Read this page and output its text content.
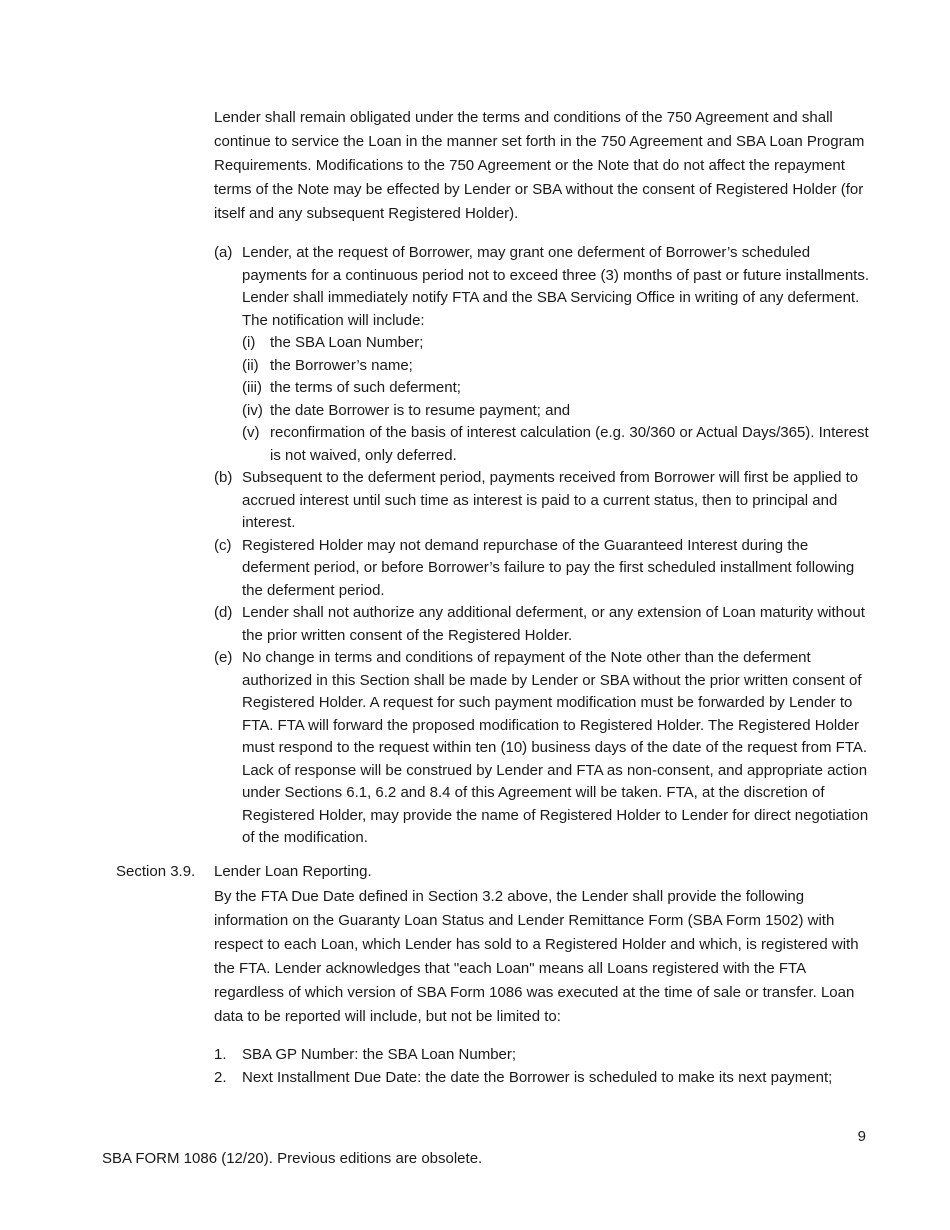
Lender shall remain obligated under the terms and conditions of the 750 Agreement and shall continue to service the Loan in the manner set forth in the 750 Agreement and SBA Loan Program Requirements. Modifications to the 750 Agreement or the Note that do not affect the repayment terms of the Note may be effected by Lender or SBA without the consent of Registered Holder (for itself and any subsequent Registered Holder).

(a) Lender, at the request of Borrower, may grant one deferment of Borrower’s scheduled payments for a continuous period not to exceed three (3) months of past or future installments. Lender shall immediately notify FTA and the SBA Servicing Office in writing of any deferment. The notification will include:
(i) the SBA Loan Number;
(ii) the Borrower’s name;
(iii) the terms of such deferment;
(iv) the date Borrower is to resume payment; and
(v) reconfirmation of the basis of interest calculation (e.g. 30/360 or Actual Days/365). Interest is not waived, only deferred.
(b) Subsequent to the deferment period, payments received from Borrower will first be applied to accrued interest until such time as interest is paid to a current status, then to principal and interest.
(c) Registered Holder may not demand repurchase of the Guaranteed Interest during the deferment period, or before Borrower’s failure to pay the first scheduled installment following the deferment period.
(d) Lender shall not authorize any additional deferment, or any extension of Loan maturity without the prior written consent of the Registered Holder.
(e) No change in terms and conditions of repayment of the Note other than the deferment authorized in this Section shall be made by Lender or SBA without the prior written consent of Registered Holder. A request for such payment modification must be forwarded by Lender to FTA. FTA will forward the proposed modification to Registered Holder. The Registered Holder must respond to the request within ten (10) business days of the date of the request from FTA. Lack of response will be construed by Lender and FTA as non-consent, and appropriate action under Sections 6.1, 6.2 and 8.4 of this Agreement will be taken. FTA, at the discretion of Registered Holder, may provide the name of Registered Holder to Lender for direct negotiation of the modification.
Section 3.9.	Lender Loan Reporting.

By the FTA Due Date defined in Section 3.2 above, the Lender shall provide the following information on the Guaranty Loan Status and Lender Remittance Form (SBA Form 1502) with respect to each Loan, which Lender has sold to a Registered Holder and which, is registered with the FTA. Lender acknowledges that "each Loan" means all Loans registered with the FTA regardless of which version of SBA Form 1086 was executed at the time of sale or transfer. Loan data to be reported will include, but not be limited to:

1.	SBA GP Number: the SBA Loan Number;
2.	Next Installment Due Date: the date the Borrower is scheduled to make its next payment;
9
SBA FORM 1086 (12/20). Previous editions are obsolete.
